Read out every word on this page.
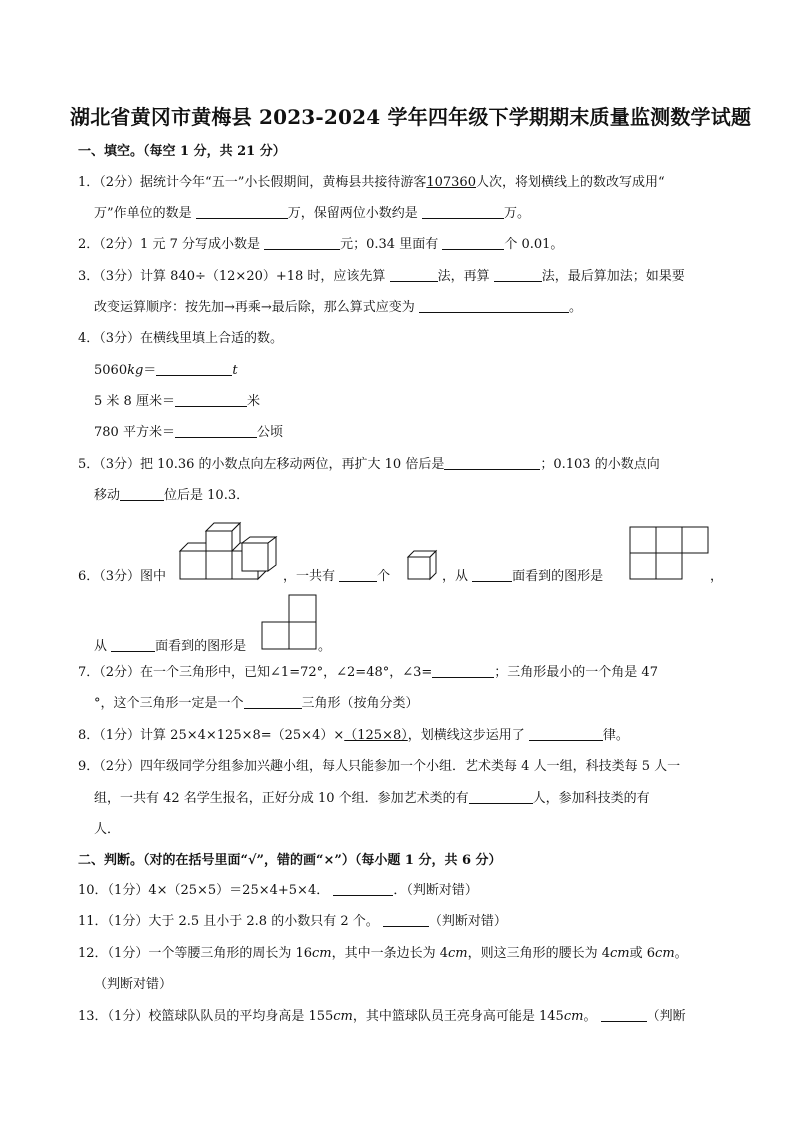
湖北省黄冈市黄梅县 2023-2024 学年四年级下学期期末质量监测数学试题
一、填空。（每空 1 分，共 21 分）
1．（2分）据统计今年“五一”小长假期间，黄梅县共接待游客107360人次，将划横线上的数改写成用“
万”作单位的数是	万，保留两位小数约是	万。
2．（2分）1 元 7 分写成小数是	元；0.34 里面有	个 0.01。
3．（3分）计算 840÷（12×20）+18 时，应该先算	法，再算	法，最后算加法；如果要
改变运算顺序：按先加→再乘→最后除，那么算式应变为	。
4．（3分）在横线里填上合适的数。
5060kg＝	t
5 米 8 厘米＝	米
780 平方米＝	公顷
5．（3分）把 10.36 的小数点向左移动两位，再扩大 10 倍后是	；0.103 的小数点向
移动	位后是 10.3．
6．（3分）图中	，一共有	个	，从	面看到的图形是	，
从	面看到的图形是	。
7．（2分）在一个三角形中，已知∠1=72°，∠2=48°，∠3=	；三角形最小的一个角是 47
°，这个三角形一定是一个	三角形（按角分类）
8．（1分）计算 25×4×125×8=（25×4）×（125×8），划横线这步运用了	律。
9．（2分）四年级同学分组参加兴趣小组，每人只能参加一个小组．艺术类每 4 人一组，科技类每 5 人一
组，一共有 42 名学生报名，正好分成 10 个组．参加艺术类的有	人，参加科技类的有
人．
二、判断。（对的在括号里面“√”，错的画“×”）（每小题 1 分，共 6 分）
10．（1分）4×（25×5）＝25×4+5×4．	．（判断对错）
11．（1分）大于 2.5 且小于 2.8 的小数只有 2 个。	（判断对错）
12．（1分）一个等腰三角形的周长为 16cm，其中一条边长为 4cm，则这三角形的腰长为 4cm或 6cm。
（判断对错）
13．（1分）校篮球队队员的平均身高是 155cm，其中篮球队员王亮身高可能是 145cm。	（判断
